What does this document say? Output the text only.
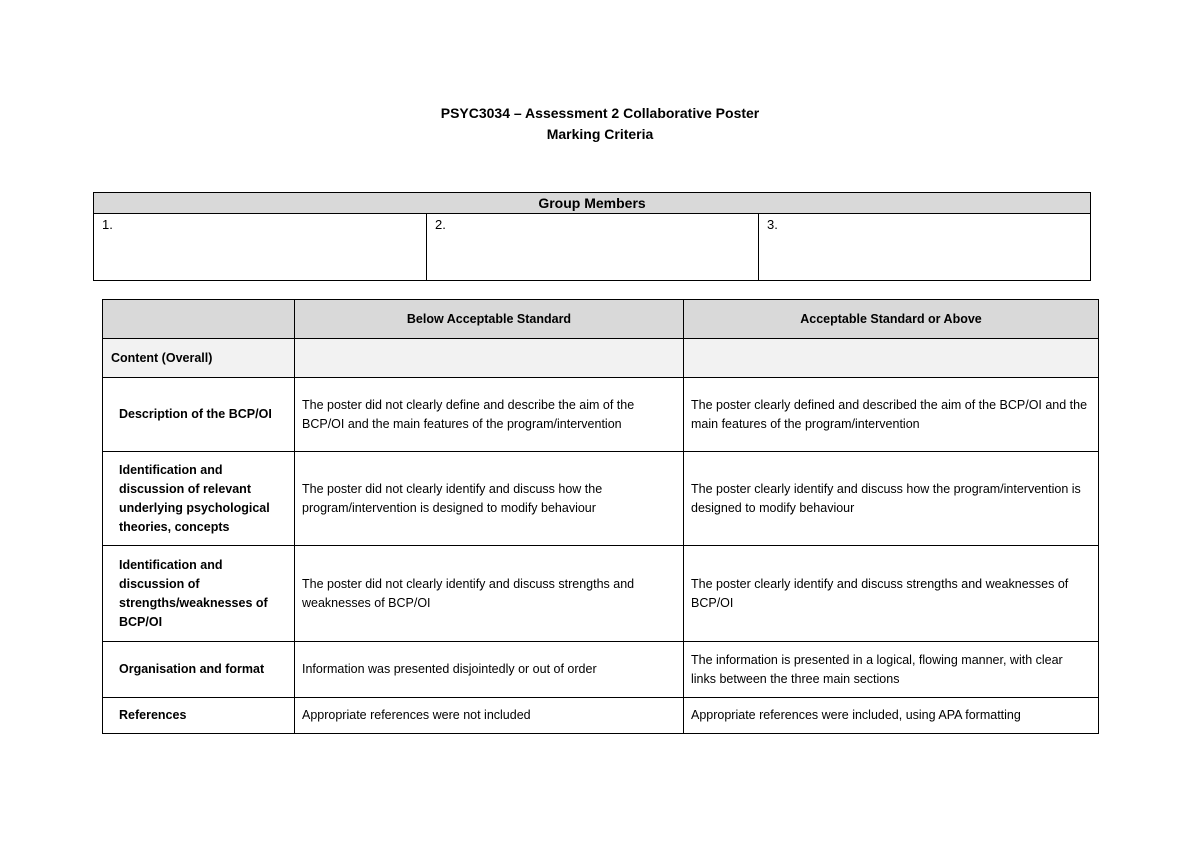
PSYC3034 – Assessment 2 Collaborative Poster
Marking Criteria
Group Members
1.	2.	3.
	Below Acceptable Standard	Acceptable Standard or Above
Content (Overall)		
Description of the BCP/OI	The poster did not clearly define and describe the aim of the BCP/OI and the main features of the program/intervention	The poster clearly defined and described the aim of the BCP/OI and the main features of the program/intervention
Identification and discussion of relevant underlying psychological theories, concepts	The poster did not clearly identify and discuss how the program/intervention is designed to modify behaviour	The poster clearly identify and discuss how the program/intervention is designed to modify behaviour
Identification and discussion of strengths/weaknesses of BCP/OI	The poster did not clearly identify and discuss strengths and weaknesses of BCP/OI	The poster clearly identify and discuss strengths and weaknesses of BCP/OI
Organisation and format	Information was presented disjointedly or out of order	The information is presented in a logical, flowing manner, with clear links between the three main sections
References	Appropriate references were not included	Appropriate references were included, using APA formatting
